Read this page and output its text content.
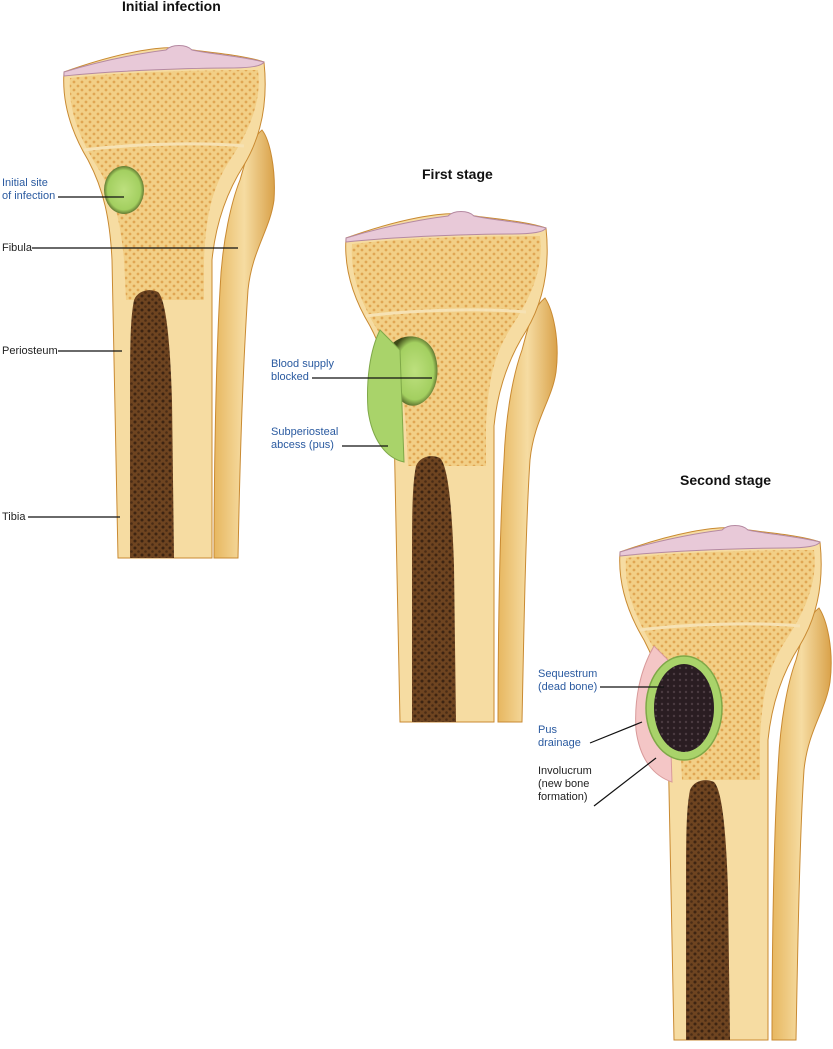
Initial infection
First stage
Second stage
Initial site
of infection
Fibula
Periosteum
Tibia
Blood supply
blocked
Subperiosteal
abcess (pus)
Sequestrum
(dead bone)
Pus
drainage
Involucrum
(new bone
formation)
